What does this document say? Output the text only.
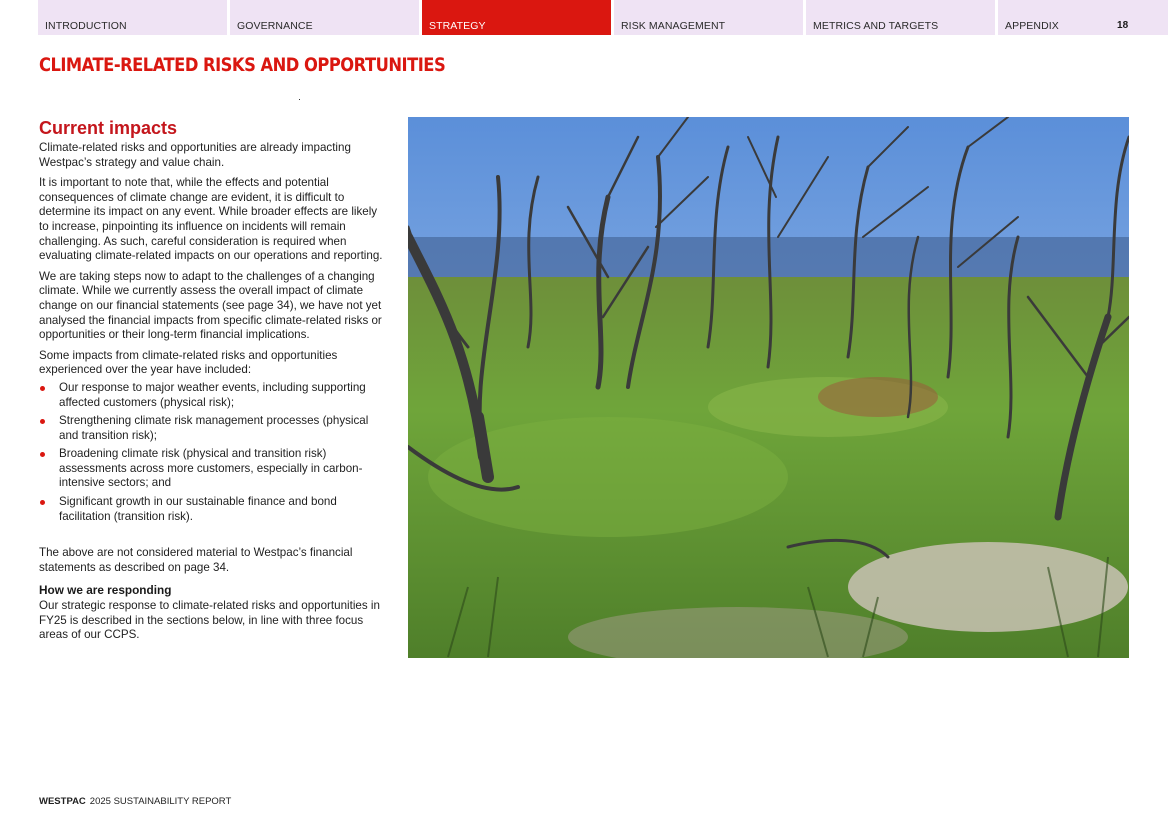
INTRODUCTION	GOVERNANCE	STRATEGY	RISK MANAGEMENT	METRICS AND TARGETS	APPENDIX	18
CLIMATE-RELATED RISKS AND OPPORTUNITIES
Current impacts

Climate-related risks and opportunities are already impacting Westpac’s strategy and value chain.

It is important to note that, while the effects and potential consequences of climate change are evident, it is difficult to determine its impact on any event. While broader effects are likely to increase, pinpointing its influence on incidents will remain challenging. As such, careful consideration is required when evaluating climate-related impacts on our operations and reporting.

We are taking steps now to adapt to the challenges of a changing climate. While we currently assess the overall impact of climate change on our financial statements (see page 34), we have not yet analysed the financial impacts from specific climate-related risks or opportunities or their long-term financial implications.

Some impacts from climate-related risks and opportunities experienced over the year have included:

Our response to major weather events, including supporting affected customers (physical risk);
Strengthening climate risk management processes (physical and transition risk);
Broadening climate risk (physical and transition risk) assessments across more customers, especially in carbon-intensive sectors; and
Significant growth in our sustainable finance and bond facilitation (transition risk).

The above are not considered material to Westpac’s financial statements as described on page 34.

How we are responding

Our strategic response to climate-related risks and opportunities in FY25 is described in the sections below, in line with three focus areas of our CCPS.

WESTPAC 2025 SUSTAINABILITY REPORT
